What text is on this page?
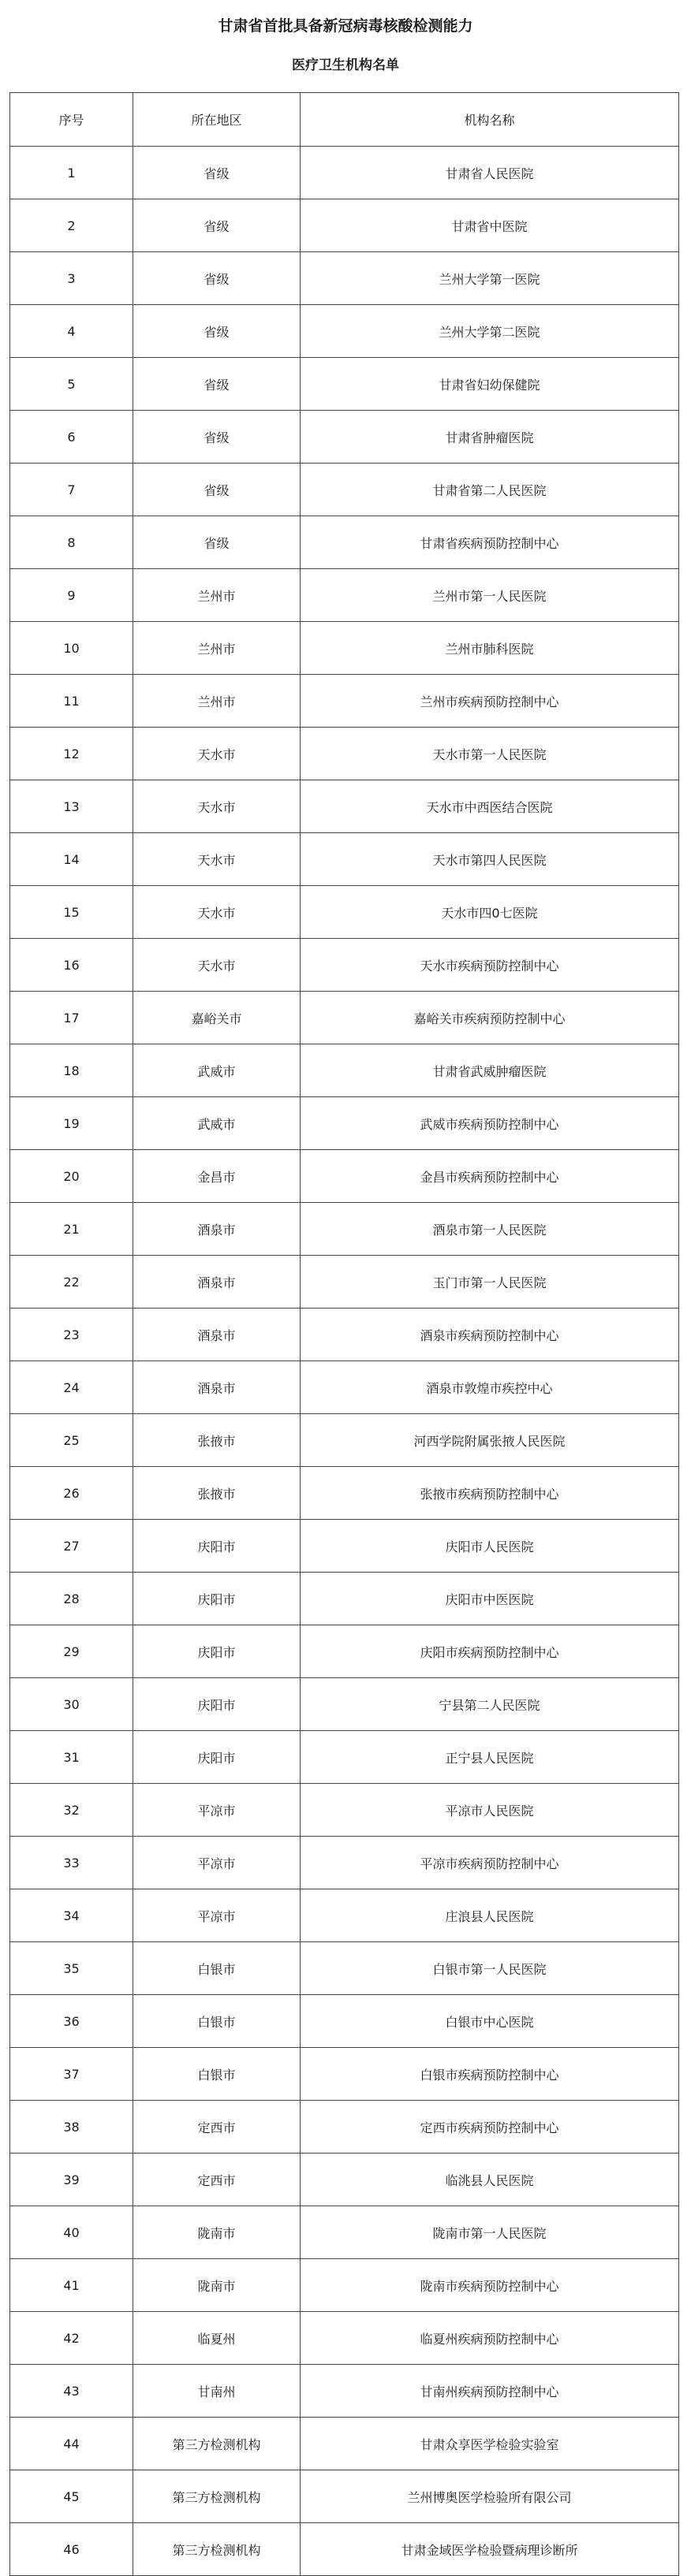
甘肃省首批具备新冠病毒核酸检测能力
医疗卫生机构名单
序号	所在地区	机构名称
1	省级	甘肃省人民医院
2	省级	甘肃省中医院
3	省级	兰州大学第一医院
4	省级	兰州大学第二医院
5	省级	甘肃省妇幼保健院
6	省级	甘肃省肿瘤医院
7	省级	甘肃省第二人民医院
8	省级	甘肃省疾病预防控制中心
9	兰州市	兰州市第一人民医院
10	兰州市	兰州市肺科医院
11	兰州市	兰州市疾病预防控制中心
12	天水市	天水市第一人民医院
13	天水市	天水市中西医结合医院
14	天水市	天水市第四人民医院
15	天水市	天水市四0七医院
16	天水市	天水市疾病预防控制中心
17	嘉峪关市	嘉峪关市疾病预防控制中心
18	武威市	甘肃省武威肿瘤医院
19	武威市	武威市疾病预防控制中心
20	金昌市	金昌市疾病预防控制中心
21	酒泉市	酒泉市第一人民医院
22	酒泉市	玉门市第一人民医院
23	酒泉市	酒泉市疾病预防控制中心
24	酒泉市	酒泉市敦煌市疾控中心
25	张掖市	河西学院附属张掖人民医院
26	张掖市	张掖市疾病预防控制中心
27	庆阳市	庆阳市人民医院
28	庆阳市	庆阳市中医医院
29	庆阳市	庆阳市疾病预防控制中心
30	庆阳市	宁县第二人民医院
31	庆阳市	正宁县人民医院
32	平凉市	平凉市人民医院
33	平凉市	平凉市疾病预防控制中心
34	平凉市	庄浪县人民医院
35	白银市	白银市第一人民医院
36	白银市	白银市中心医院
37	白银市	白银市疾病预防控制中心
38	定西市	定西市疾病预防控制中心
39	定西市	临洮县人民医院
40	陇南市	陇南市第一人民医院
41	陇南市	陇南市疾病预防控制中心
42	临夏州	临夏州疾病预防控制中心
43	甘南州	甘南州疾病预防控制中心
44	第三方检测机构	甘肃众享医学检验实验室
45	第三方检测机构	兰州博奥医学检验所有限公司
46	第三方检测机构	甘肃金域医学检验暨病理诊断所
